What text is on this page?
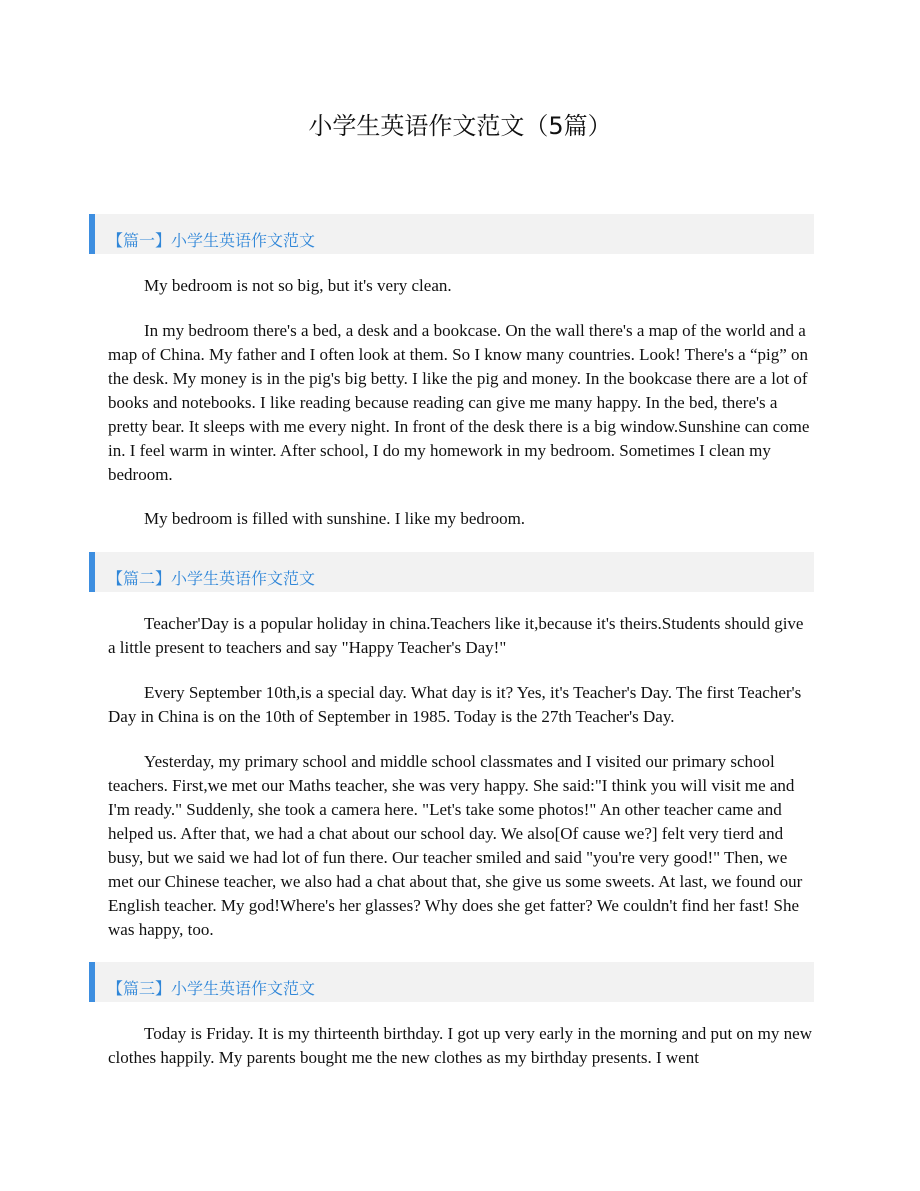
小学生英语作文范文（5篇）
【篇一】小学生英语作文范文

My bedroom is not so big, but it's very clean.

In my bedroom there's a bed, a desk and a bookcase. On the wall there's a map of the world and a map of China. My father and I often look at them. So I know many countries. Look! There's a “pig” on the desk. My money is in the pig's big betty. I like the pig and money. In the bookcase there are a lot of books and notebooks. I like reading because reading can give me many happy. In the bed, there's a pretty bear. It sleeps with me every night. In front of the desk there is a big window.Sunshine can come in. I feel warm in winter. After school, I do my homework in my bedroom. Sometimes I clean my bedroom.

My bedroom is filled with sunshine. I like my bedroom.

【篇二】小学生英语作文范文

Teacher'Day is a popular holiday in china.Teachers like it,because it's theirs.Students should give a little present to teachers and say "Happy Teacher's Day!"

Every September 10th,is a special day. What day is it? Yes, it's Teacher's Day. The first Teacher's Day in China is on the 10th of September in 1985. Today is the 27th Teacher's Day.

Yesterday, my primary school and middle school classmates and I visited our primary school teachers. First,we met our Maths teacher, she was very happy. She said:"I think you will visit me and I'm ready." Suddenly, she took a camera here. "Let's take some photos!" An other teacher came and helped us. After that, we had a chat about our school day. We also[Of cause we?] felt very tierd and busy, but we said we had lot of fun there. Our teacher smiled and said "you're very good!" Then, we met our Chinese teacher, we also had a chat about that, she give us some sweets. At last, we found our English teacher. My god!Where's her glasses? Why does she get fatter? We couldn't find her fast! She was happy, too.

【篇三】小学生英语作文范文

Today is Friday. It is my thirteenth birthday. I got up very early in the morning and put on my new clothes happily. My parents bought me the new clothes as my birthday presents. I went
